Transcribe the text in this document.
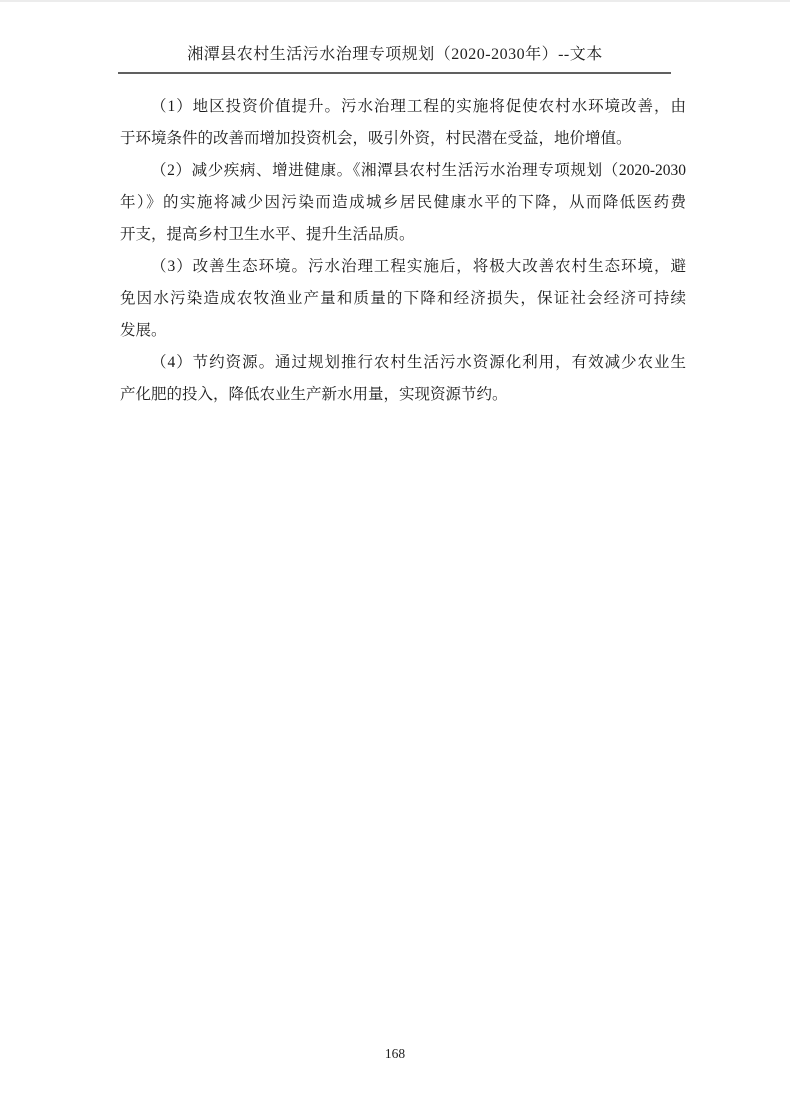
湘潭县农村生活污水治理专项规划（2020-2030年）--文本
（1）地区投资价值提升。污水治理工程的实施将促使农村水环境改善，由
于环境条件的改善而增加投资机会，吸引外资，村民潜在受益，地价增值。
（2）减少疾病、增进健康。《湘潭县农村生活污水治理专项规划（2020-2030
年）》的实施将减少因污染而造成城乡居民健康水平的下降，从而降低医药费
开支，提高乡村卫生水平、提升生活品质。
（3）改善生态环境。污水治理工程实施后，将极大改善农村生态环境，避
免因水污染造成农牧渔业产量和质量的下降和经济损失，保证社会经济可持续
发展。
（4）节约资源。通过规划推行农村生活污水资源化利用，有效减少农业生
产化肥的投入，降低农业生产新水用量，实现资源节约。
168
